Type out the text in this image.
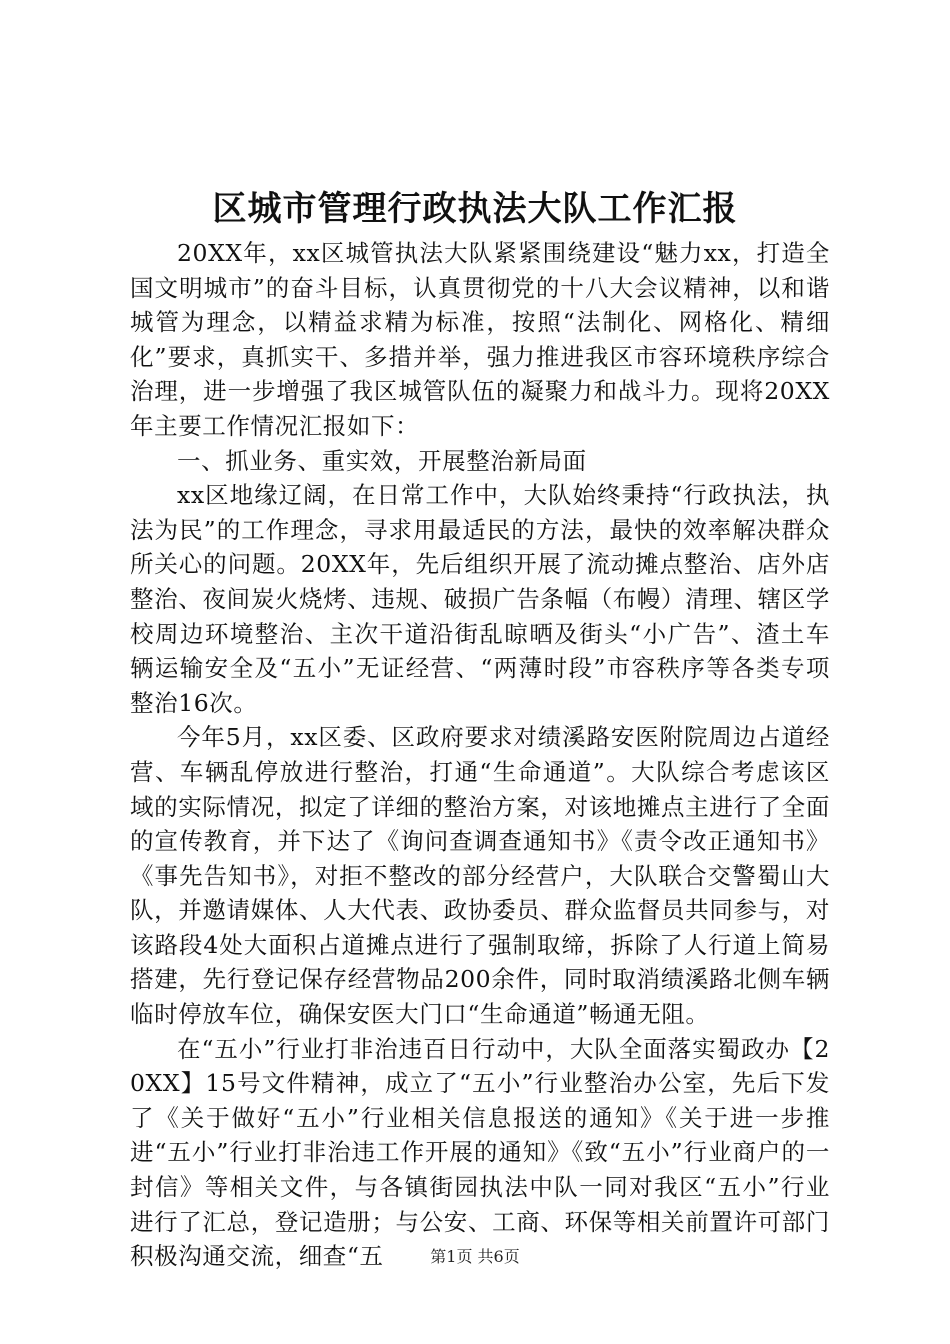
区城市管理行政执法大队工作汇报

20XX年，xx区城管执法大队紧紧围绕建设“魅力xx，打造全国文明城市”的奋斗目标，认真贯彻党的十八大会议精神，以和谐城管为理念，以精益求精为标准，按照“法制化、网格化、精细化”要求，真抓实干、多措并举，强力推进我区市容环境秩序综合治理，进一步增强了我区城管队伍的凝聚力和战斗力。现将20XX年主要工作情况汇报如下：

一、抓业务、重实效，开展整治新局面

xx区地缘辽阔，在日常工作中，大队始终秉持“行政执法，执法为民”的工作理念，寻求用最适民的方法，最快的效率解决群众所关心的问题。20XX年，先后组织开展了流动摊点整治、店外店整治、夜间炭火烧烤、违规、破损广告条幅（布幔）清理、辖区学校周边环境整治、主次干道沿街乱晾晒及街头“小广告”、渣土车辆运输安全及“五小”无证经营、“两薄时段”市容秩序等各类专项整治16次。

今年5月，xx区委、区政府要求对绩溪路安医附院周边占道经营、车辆乱停放进行整治，打通“生命通道”。大队综合考虑该区域的实际情况，拟定了详细的整治方案，对该地摊点主进行了全面的宣传教育，并下达了《询问查调查通知书》《责令改正通知书》《事先告知书》，对拒不整改的部分经营户，大队联合交警蜀山大队，并邀请媒体、人大代表、政协委员、群众监督员共同参与，对该路段4处大面积占道摊点进行了强制取缔，拆除了人行道上简易搭建，先行登记保存经营物品200余件，同时取消绩溪路北侧车辆临时停放车位，确保安医大门口“生命通道”畅通无阻。

在“五小”行业打非治违百日行动中，大队全面落实蜀政办【20XX】15号文件精神，成立了“五小”行业整治办公室，先后下发了《关于做好“五小”行业相关信息报送的通知》《关于进一步推进“五小”行业打非治违工作开展的通知》《致“五小”行业商户的一封信》等相关文件，与各镇街园执法中队一同对我区“五小”行业进行了汇总，登记造册；与公安、工商、环保等相关前置许可部门积极沟通交流，细查“五	第1页 共6页
